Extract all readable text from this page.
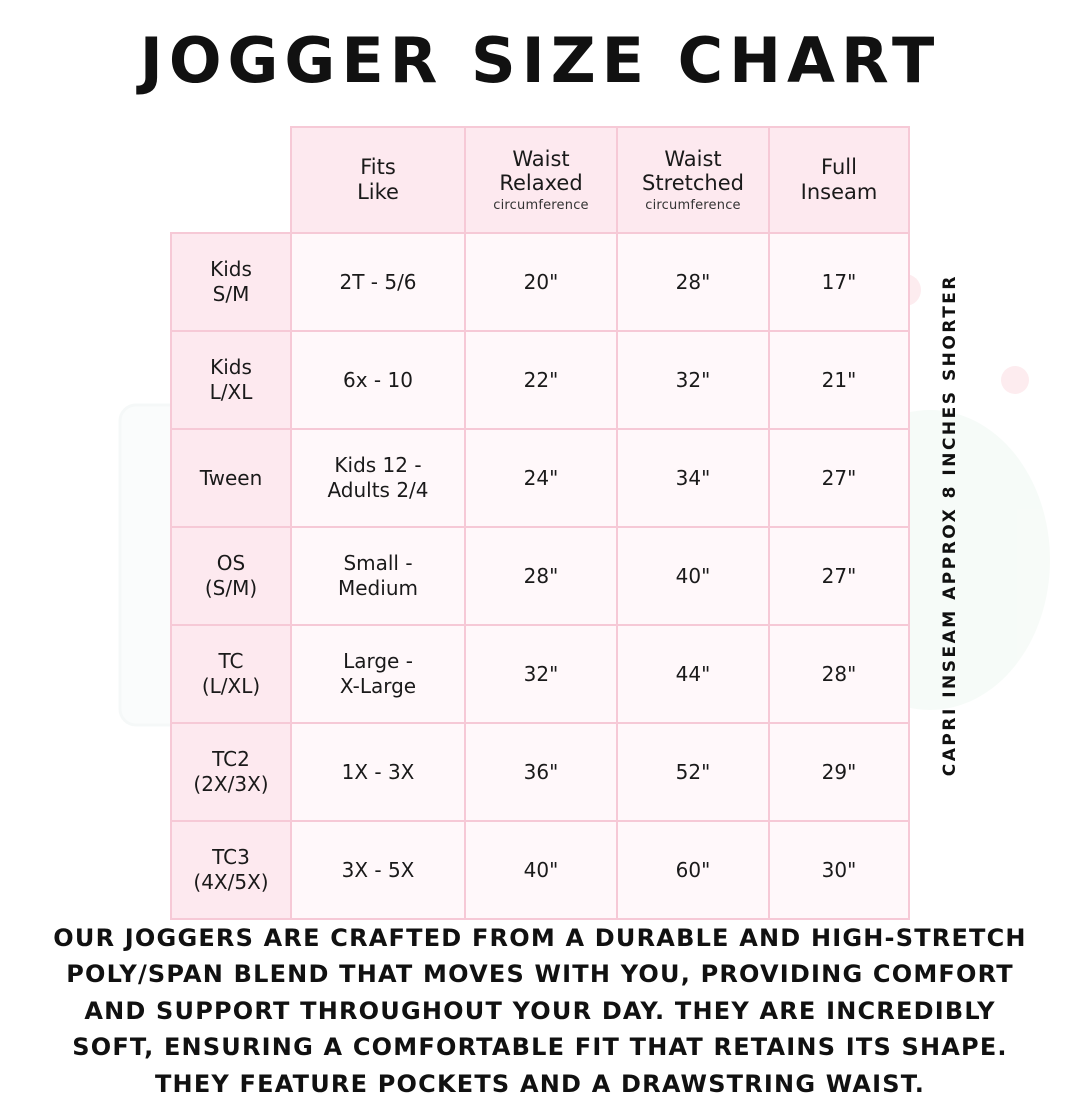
JOGGER SIZE CHART
	Fits
Like	Waist
Relaxed
circumference	Waist
Stretched
circumference	Full
Inseam
Kids
S/M	2T - 5/6	20"	28"	17"
Kids
L/XL	6x - 10	22"	32"	21"
Tween	Kids 12 -
Adults 2/4	24"	34"	27"
OS
(S/M)	Small -
Medium	28"	40"	27"
TC
(L/XL)	Large -
X-Large	32"	44"	28"
TC2
(2X/3X)	1X - 3X	36"	52"	29"
TC3
(4X/5X)	3X - 5X	40"	60"	30"
CAPRI INSEAM APPROX 8 INCHES SHORTER
OUR JOGGERS ARE CRAFTED FROM A DURABLE AND HIGH-STRETCH POLY/SPAN BLEND THAT MOVES WITH YOU, PROVIDING COMFORT AND SUPPORT THROUGHOUT YOUR DAY. THEY ARE INCREDIBLY SOFT, ENSURING A COMFORTABLE FIT THAT RETAINS ITS SHAPE. THEY FEATURE POCKETS AND A DRAWSTRING WAIST.
